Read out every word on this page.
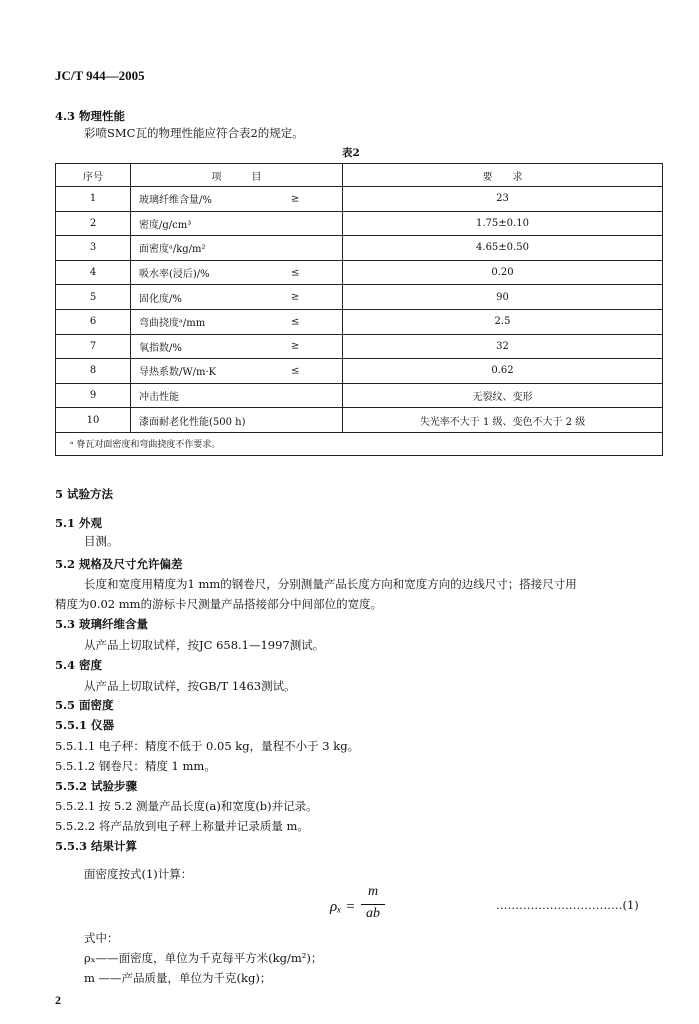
JC/T 944—2005
4.3 物理性能
彩喷SMC瓦的物理性能应符合表2的规定。
表2
序号	项　　　目	要　　求
1	玻璃纤维含量/% ≥	23
2	密度/g/cm³	1.75±0.10
3	面密度ᵃ/kg/m²	4.65±0.50
4	吸水率(浸后)/% ≤	0.20
5	固化度/% ≥	90
6	弯曲挠度ᵃ/mm ≤	2.5
7	氧指数/% ≥	32
8	导热系数/W/m·K ≤	0.62
9	冲击性能	无裂纹、变形
10	漆面耐老化性能(500 h)	失光率不大于 1 级、变色不大于 2 级
ᵃ 脊瓦对面密度和弯曲挠度不作要求。		
5 试验方法
5.1 外观
目测。
5.2 规格及尺寸允许偏差
长度和宽度用精度为1 mm的钢卷尺，分别测量产品长度方向和宽度方向的边线尺寸；搭接尺寸用
精度为0.02 mm的游标卡尺测量产品搭接部分中间部位的宽度。
5.3 玻璃纤维含量
从产品上切取试样，按JC 658.1—1997测试。
5.4 密度
从产品上切取试样，按GB/T 1463测试。
5.5 面密度
5.5.1 仪器
5.5.1.1 电子秤：精度不低于 0.05 kg，量程不小于 3 kg。
5.5.1.2 钢卷尺：精度 1 mm。
5.5.2 试验步骤
5.5.2.1 按 5.2 测量产品长度(a)和宽度(b)并记录。
5.5.2.2 将产品放到电子秤上称量并记录质量 m。
5.5.3 结果计算
面密度按式(1)计算：
ρₓ =
m
ab
……………………………(1)
式中：
ρₓ——面密度，单位为千克每平方米(kg/m²)；
m ——产品质量，单位为千克(kg)；
2
